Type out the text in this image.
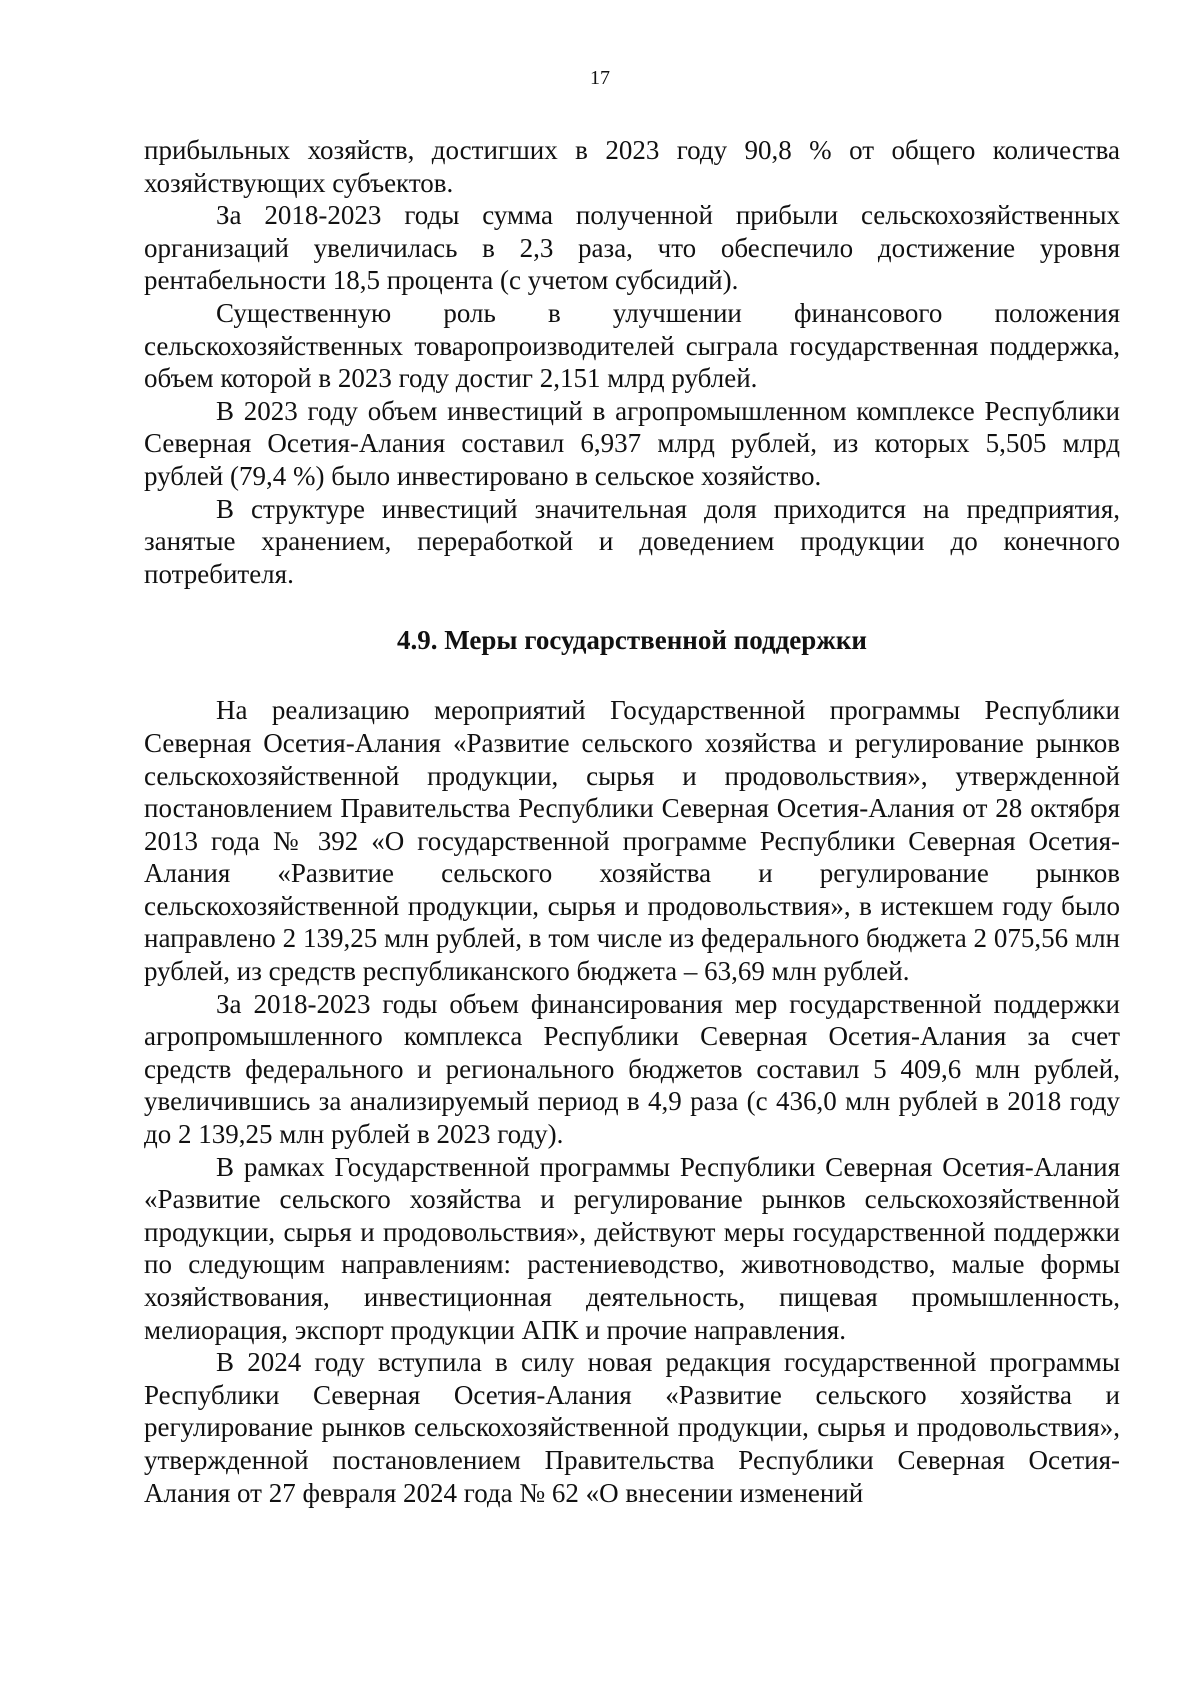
17

прибыльных хозяйств, достигших в 2023 году 90,8 % от общего количества хозяйствующих субъектов.

За 2018-2023 годы сумма полученной прибыли сельскохозяйственных организаций увеличилась в 2,3 раза, что обеспечило достижение уровня рентабельности 18,5 процента (с учетом субсидий).

Существенную роль в улучшении финансового положения сельскохозяйственных товаропроизводителей сыграла государственная поддержка, объем которой в 2023 году достиг 2,151 млрд рублей.

В 2023 году объем инвестиций в агропромышленном комплексе Республики Северная Осетия-Алания составил 6,937 млрд рублей, из которых 5,505 млрд рублей (79,4 %) было инвестировано в сельское хозяйство.

В структуре инвестиций значительная доля приходится на предприятия, занятые хранением, переработкой и доведением продукции до конечного потребителя.

4.9. Меры государственной поддержки

На реализацию мероприятий Государственной программы Республики Северная Осетия-Алания «Развитие сельского хозяйства и регулирование рынков сельскохозяйственной продукции, сырья и продовольствия», утвержденной постановлением Правительства Республики Северная Осетия-Алания от 28 октября 2013 года № 392 «О государственной программе Республики Северная Осетия-Алания «Развитие сельского хозяйства и регулирование рынков сельскохозяйственной продукции, сырья и продовольствия», в истекшем году было направлено 2 139,25 млн рублей, в том числе из федерального бюджета 2 075,56 млн рублей, из средств республиканского бюджета – 63,69 млн рублей.

За 2018-2023 годы объем финансирования мер государственной поддержки агропромышленного комплекса Республики Северная Осетия-Алания за счет средств федерального и регионального бюджетов составил 5 409,6 млн рублей, увеличившись за анализируемый период в 4,9 раза (с 436,0 млн рублей в 2018 году до 2 139,25 млн рублей в 2023 году).

В рамках Государственной программы Республики Северная Осетия-Алания «Развитие сельского хозяйства и регулирование рынков сельскохозяйственной продукции, сырья и продовольствия», действуют меры государственной поддержки по следующим направлениям: растениеводство, животноводство, малые формы хозяйствования, инвестиционная деятельность, пищевая промышленность, мелиорация, экспорт продукции АПК и прочие направления.

В 2024 году вступила в силу новая редакция государственной программы Республики Северная Осетия-Алания «Развитие сельского хозяйства и регулирование рынков сельскохозяйственной продукции, сырья и продовольствия», утвержденной постановлением Правительства Республики Северная Осетия-Алания от 27 февраля 2024 года № 62 «О внесении изменений
